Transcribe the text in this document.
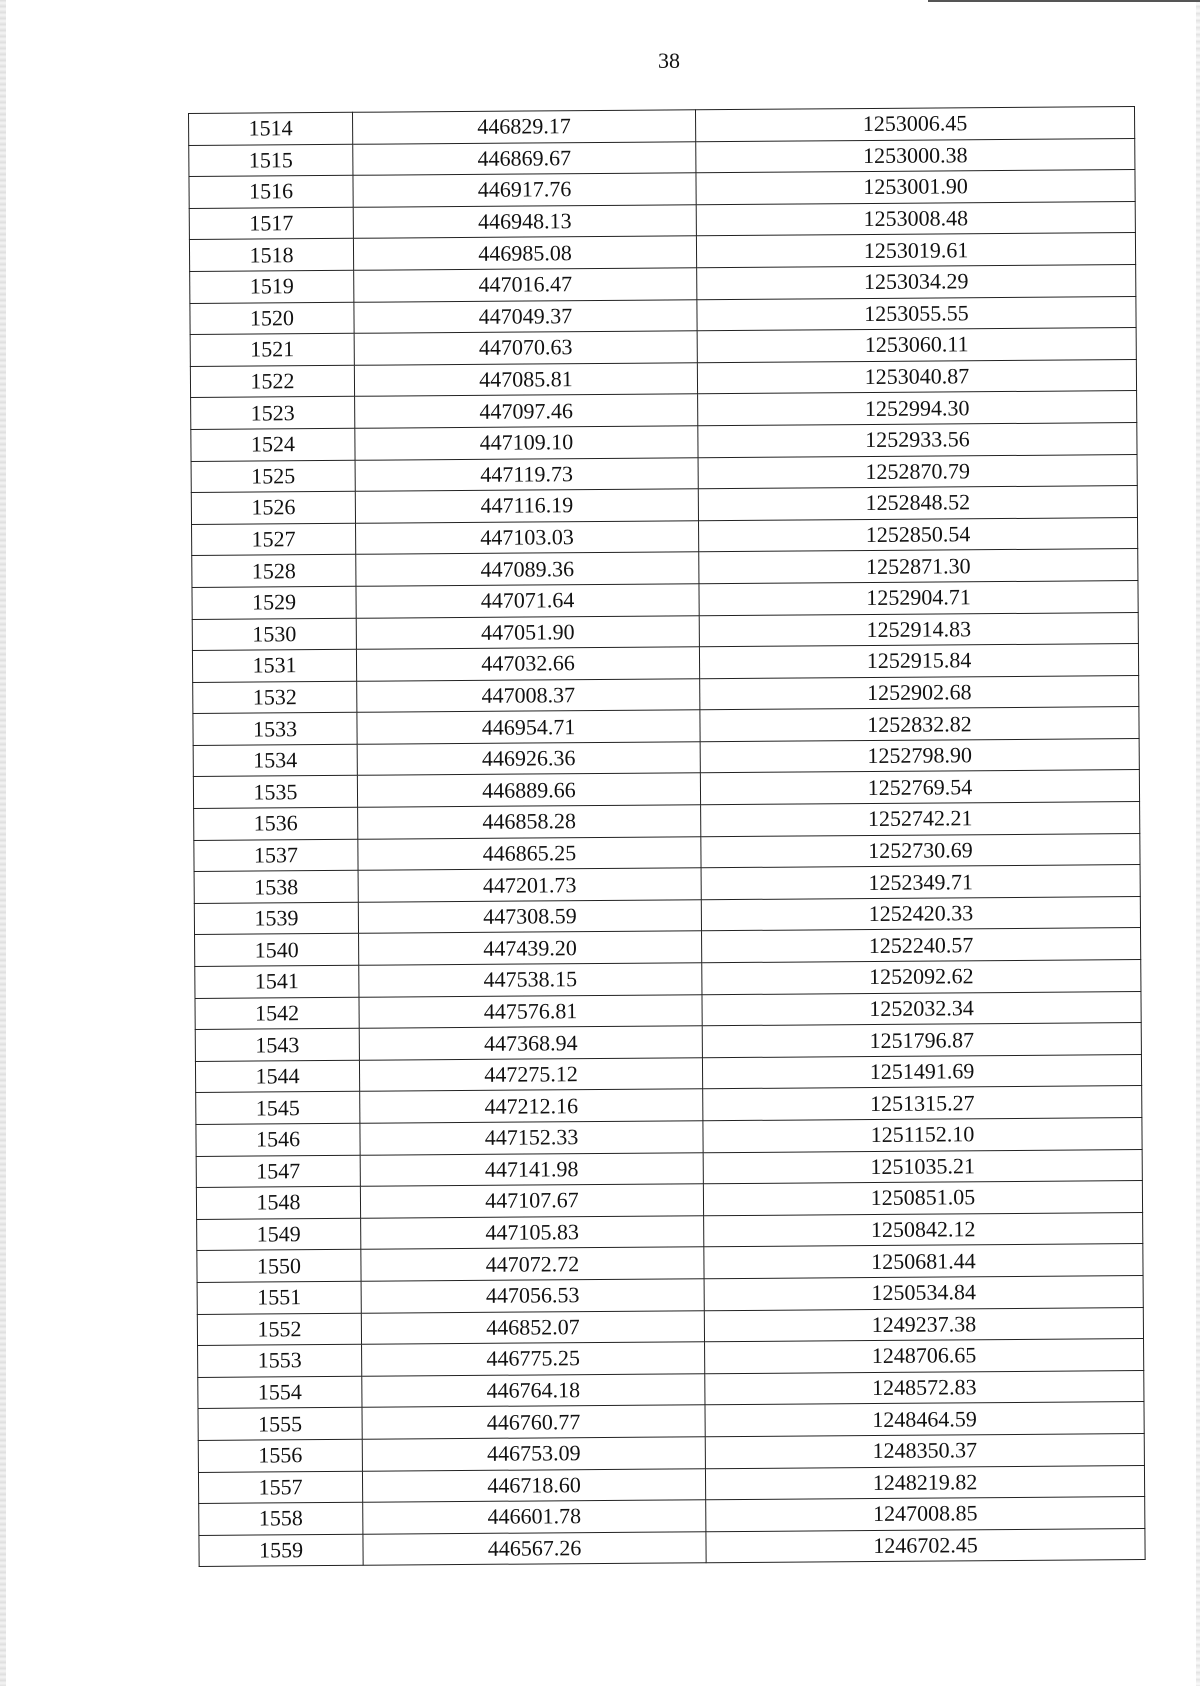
38
1514	446829.17	1253006.45
1515	446869.67	1253000.38
1516	446917.76	1253001.90
1517	446948.13	1253008.48
1518	446985.08	1253019.61
1519	447016.47	1253034.29
1520	447049.37	1253055.55
1521	447070.63	1253060.11
1522	447085.81	1253040.87
1523	447097.46	1252994.30
1524	447109.10	1252933.56
1525	447119.73	1252870.79
1526	447116.19	1252848.52
1527	447103.03	1252850.54
1528	447089.36	1252871.30
1529	447071.64	1252904.71
1530	447051.90	1252914.83
1531	447032.66	1252915.84
1532	447008.37	1252902.68
1533	446954.71	1252832.82
1534	446926.36	1252798.90
1535	446889.66	1252769.54
1536	446858.28	1252742.21
1537	446865.25	1252730.69
1538	447201.73	1252349.71
1539	447308.59	1252420.33
1540	447439.20	1252240.57
1541	447538.15	1252092.62
1542	447576.81	1252032.34
1543	447368.94	1251796.87
1544	447275.12	1251491.69
1545	447212.16	1251315.27
1546	447152.33	1251152.10
1547	447141.98	1251035.21
1548	447107.67	1250851.05
1549	447105.83	1250842.12
1550	447072.72	1250681.44
1551	447056.53	1250534.84
1552	446852.07	1249237.38
1553	446775.25	1248706.65
1554	446764.18	1248572.83
1555	446760.77	1248464.59
1556	446753.09	1248350.37
1557	446718.60	1248219.82
1558	446601.78	1247008.85
1559	446567.26	1246702.45
